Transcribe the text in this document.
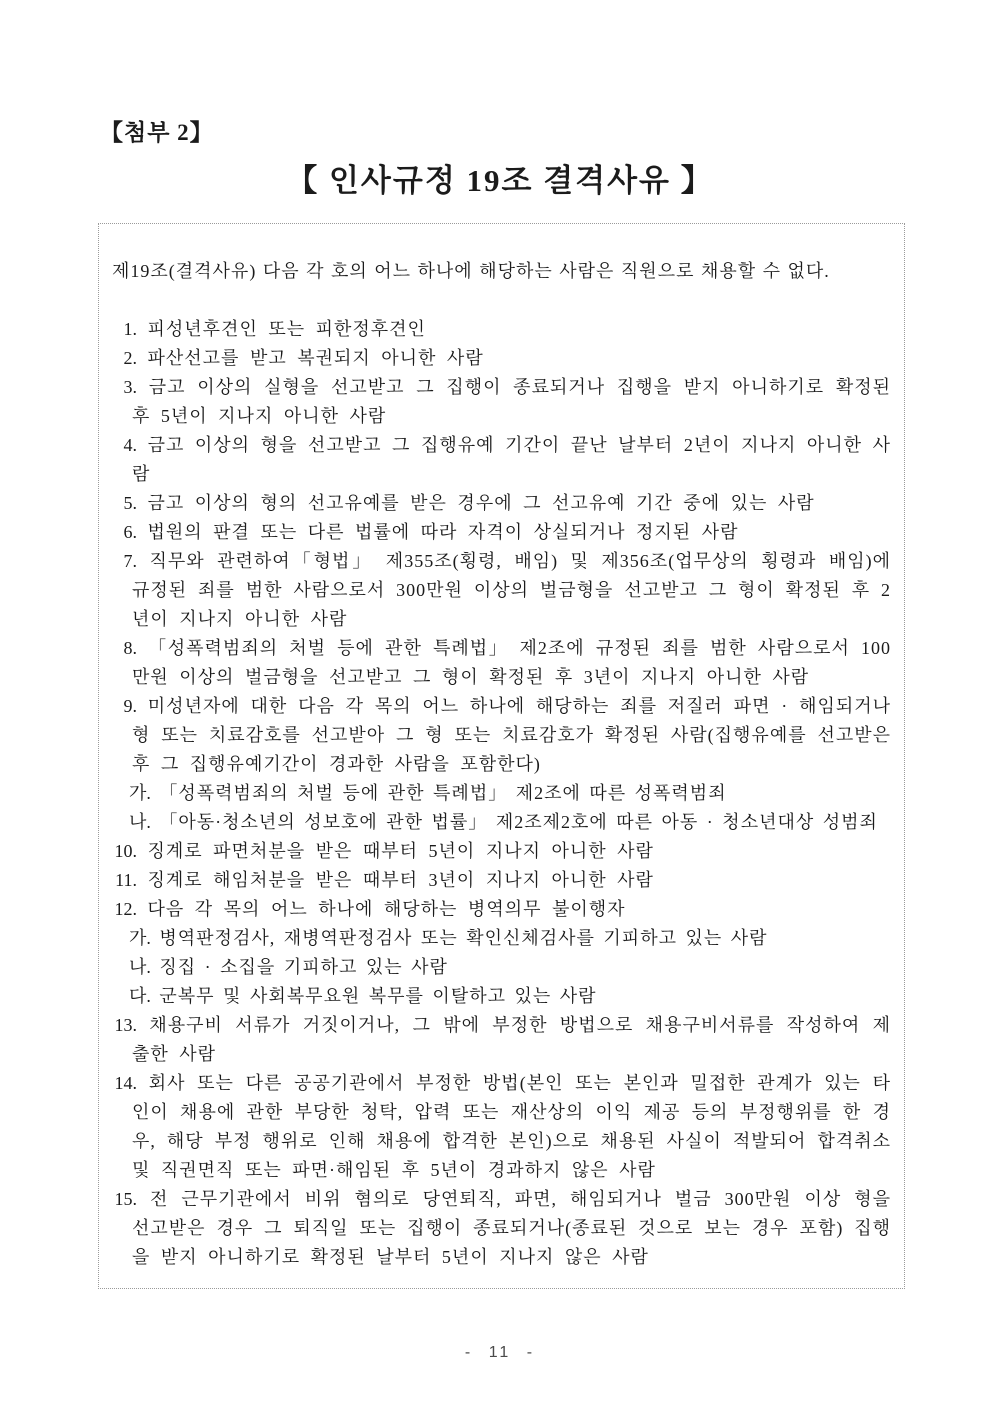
【첨부 2】
【 인사규정 19조 결격사유 】

제19조(결격사유) 다음 각 호의 어느 하나에 해당하는 사람은 직원으로 채용할 수 없다.

1. 피성년후견인 또는 피한정후견인
2. 파산선고를 받고 복권되지 아니한 사람
3. 금고 이상의 실형을 선고받고 그 집행이 종료되거나 집행을 받지 아니하기로 확정된 후 5년이 지나지 아니한 사람
4. 금고 이상의 형을 선고받고 그 집행유예 기간이 끝난 날부터 2년이 지나지 아니한 사람
5. 금고 이상의 형의 선고유예를 받은 경우에 그 선고유예 기간 중에 있는 사람
6. 법원의 판결 또는 다른 법률에 따라 자격이 상실되거나 정지된 사람
7. 직무와 관련하여「형법」 제355조(횡령, 배임) 및 제356조(업무상의 횡령과 배임)에 규정된 죄를 범한 사람으로서 300만원 이상의 벌금형을 선고받고 그 형이 확정된 후 2년이 지나지 아니한 사람
8. 「성폭력범죄의 처벌 등에 관한 특례법」 제2조에 규정된 죄를 범한 사람으로서 100만원 이상의 벌금형을 선고받고 그 형이 확정된 후 3년이 지나지 아니한 사람
9. 미성년자에 대한 다음 각 목의 어느 하나에 해당하는 죄를 저질러 파면 · 해임되거나 형 또는 치료감호를 선고받아 그 형 또는 치료감호가 확정된 사람(집행유예를 선고받은 후 그 집행유예기간이 경과한 사람을 포함한다)
가. 「성폭력범죄의 처벌 등에 관한 특례법」 제2조에 따른 성폭력범죄
나. 「아동·청소년의 성보호에 관한 법률」 제2조제2호에 따른 아동 · 청소년대상 성범죄
10. 징계로 파면처분을 받은 때부터 5년이 지나지 아니한 사람
11. 징계로 해임처분을 받은 때부터 3년이 지나지 아니한 사람
12. 다음 각 목의 어느 하나에 해당하는 병역의무 불이행자
가. 병역판정검사, 재병역판정검사 또는 확인신체검사를 기피하고 있는 사람
나. 징집 · 소집을 기피하고 있는 사람
다. 군복무 및 사회복무요원 복무를 이탈하고 있는 사람
13. 채용구비 서류가 거짓이거나, 그 밖에 부정한 방법으로 채용구비서류를 작성하여 제출한 사람
14. 회사 또는 다른 공공기관에서 부정한 방법(본인 또는 본인과 밀접한 관계가 있는 타인이 채용에 관한 부당한 청탁, 압력 또는 재산상의 이익 제공 등의 부정행위를 한 경우, 해당 부정 행위로 인해 채용에 합격한 본인)으로 채용된 사실이 적발되어 합격취소 및 직권면직 또는 파면·해임된 후 5년이 경과하지 않은 사람
15. 전 근무기관에서 비위 혐의로 당연퇴직, 파면, 해임되거나 벌금 300만원 이상 형을 선고받은 경우 그 퇴직일 또는 집행이 종료되거나(종료된 것으로 보는 경우 포함) 집행을 받지 아니하기로 확정된 날부터 5년이 지나지 않은 사람
- 11 -
